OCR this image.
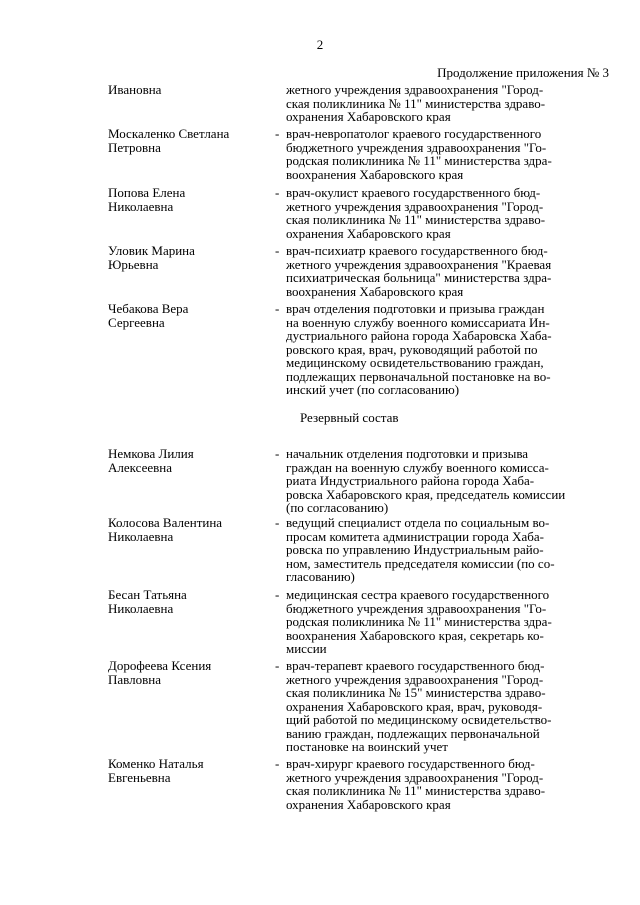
2
Продолжение приложения № 3
Ивановна	жетного учреждения здравоохранения "Город-
ская поликлиника № 11" министерства здраво-
охранения Хабаровского края
Москаленко Светлана
Петровна
- врач-невропатолог краевого государственного
бюджетного учреждения здравоохранения "Го-
родская поликлиника № 11" министерства здра-
воохранения Хабаровского края
Попова Елена
Николаевна
- врач-окулист краевого государственного бюд-
жетного учреждения здравоохранения "Город-
ская поликлиника № 11" министерства здраво-
охранения Хабаровского края
Уловик Марина
Юрьевна
- врач-психиатр краевого государственного бюд-
жетного учреждения здравоохранения "Краевая
психиатрическая больница" министерства здра-
воохранения Хабаровского края
Чебакова Вера
Сергеевна
- врач отделения подготовки и призыва граждан
на военную службу военного комиссариата Ин-
дустриального района города Хабаровска Хаба-
ровского края, врач, руководящий работой по
медицинскому освидетельствованию граждан,
подлежащих первоначальной постановке на во-
инский учет (по согласованию)
Резервный состав
Немкова Лилия
Алексеевна
- начальник отделения подготовки и призыва
граждан на военную службу военного комисса-
риата Индустриального района города Хаба-
ровска Хабаровского края, председатель комиссии
(по согласованию)
Колосова Валентина
Николаевна
- ведущий специалист отдела по социальным во-
просам комитета администрации города Хаба-
ровска по управлению Индустриальным райо-
ном, заместитель председателя комиссии (по со-
гласованию)
Бесан Татьяна
Николаевна
- медицинская сестра краевого государственного
бюджетного учреждения здравоохранения "Го-
родская поликлиника № 11" министерства здра-
воохранения Хабаровского края, секретарь ко-
миссии
Дорофеева Ксения
Павловна
- врач-терапевт краевого государственного бюд-
жетного учреждения здравоохранения "Город-
ская поликлиника № 15" министерства здраво-
охранения Хабаровского края, врач, руководя-
щий работой по медицинскому освидетельство-
ванию граждан, подлежащих первоначальной
постановке на воинский учет
Коменко Наталья
Евгеньевна
- врач-хирург краевого государственного бюд-
жетного учреждения здравоохранения "Город-
ская поликлиника № 11" министерства здраво-
охранения Хабаровского края
